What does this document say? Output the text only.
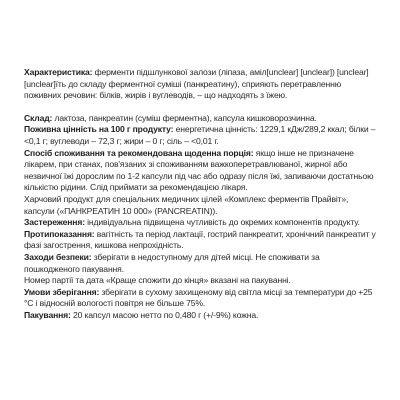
Характеристика: ферменти підшлункової залози (ліпаза, аміл[unclear] [unclear]) [unclear] [unclear]їть до складу ферментної суміші (панкреатину), сприяють перетравленню поживних речовин: білків, жирів і вуглеводів, – що надходять з їжею.

Склад: лактоза, панкреатин (суміш ферментна), капсула кишковорозчинна.

Поживна цінність на 100 г продукту: енергетична цінність: 1229,1 кДж/289,2 ккал; білки – <0,1 г; вуглеводи – 72,3 г; жири – 0 г; сіль – <0,01 г.

Спосіб споживання та рекомендована щоденна порція: якщо інше не призначене лікарем, при станах, пов'язаних зі споживанням важкоперетравлюваної, жирної або незвичної їжі дорослим по 1-2 капсули під час або одразу після їжі, запиваючи достатньою кількістю рідини. Слід приймати за рекомендацією лікаря.

Харчовий продукт для спеціальних медичних цілей «Комплекс ферментів Прайвіт», капсули («ПАНКРЕАТИН 10 000» (PANCREATIN)).

Застереження: індивідуальна підвищена чутливість до окремих компонентів продукту.

Протипоказання: вагітність та період лактації, гострий панкреатит, хронічний панкреатит у фазі загострення, кишкова непрохідність.

Заходи безпеки: зберігати в недоступному для дітей місці. Не споживати за пошкодженого пакування.

Номер партії та дата «Краще спожити до кінця» вказані на пакуванні.

Умови зберігання: зберігати в сухому захищеному від світла місці за температури до +25 °С і відносній вологості повітря не більше 75%.

Пакування: 20 капсул масою нетто по 0,480 г (+/-9%) кожна.
